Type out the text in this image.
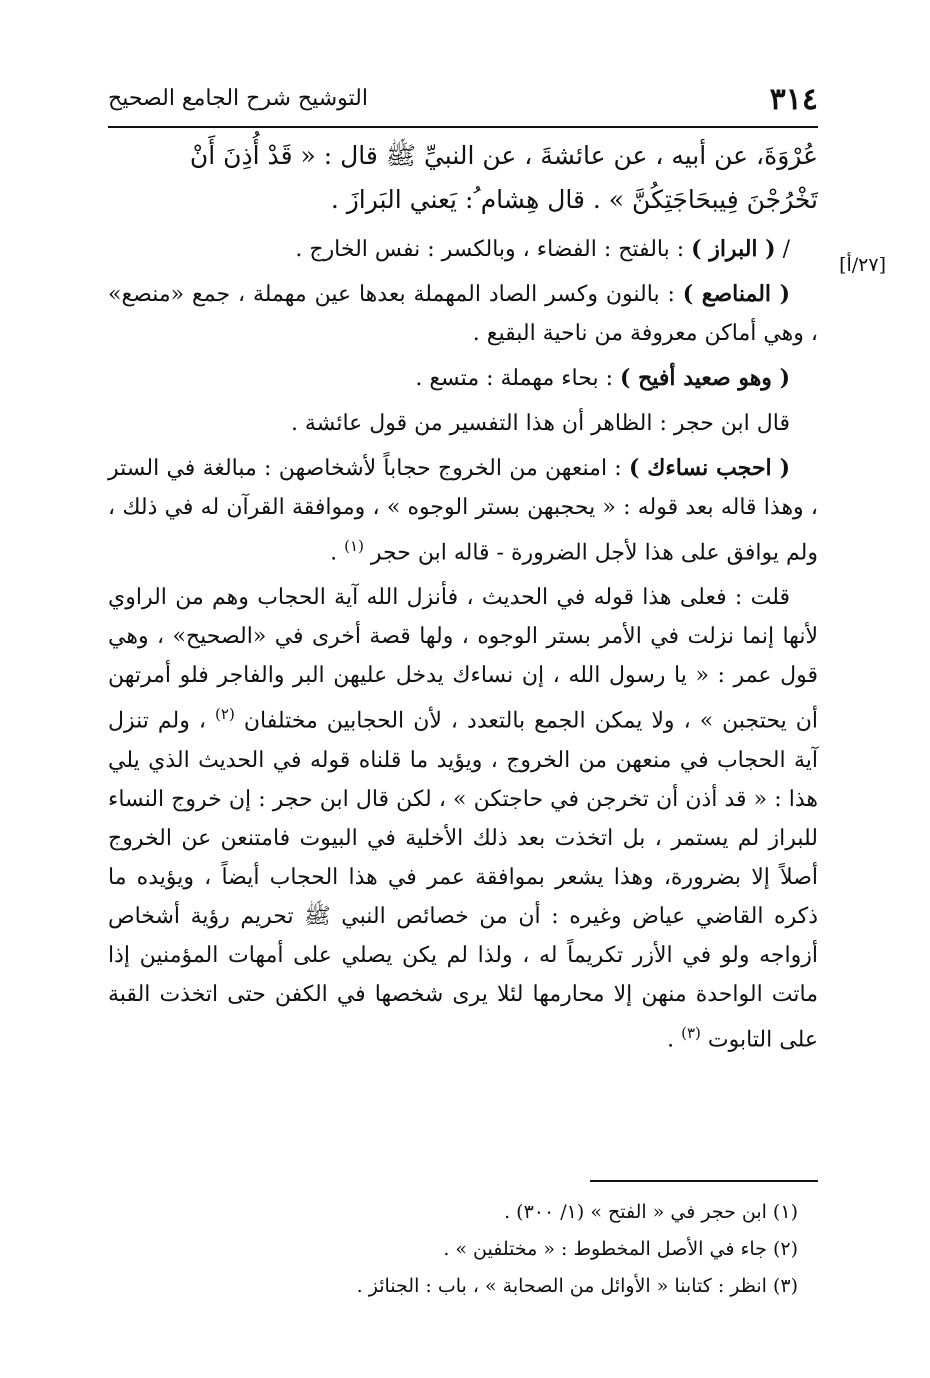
٣١٤
التوشيح شرح الجامع الصحيح
[٢٧/أ]

عُرْوَةَ، عن أبيه ، عن عائشةَ ، عن النبيِّ ﷺ قال : « قَدْ أُذِنَ أَنْ
تَخْرُجْنَ فِيبحَاجَتِكُنَّ » . قال هِشام ُ: يَعني البَرازَ .

/ ( البراز ) : بالفتح : الفضاء ، وبالكسر : نفس الخارج .

( المناصع ) : بالنون وكسر الصاد المهملة بعدها عين مهملة ، جمع «منصع» ، وهي أماكن معروفة من ناحية البقيع .

( وهو صعيد أفيح ) : بحاء مهملة : متسع .

قال ابن حجر : الظاهر أن هذا التفسير من قول عائشة .

( احجب نساءك ) : امنعهن من الخروج حجاباً لأشخاصهن : مبالغة في الستر ، وهذا قاله بعد قوله : « يحجبهن بستر الوجوه » ، وموافقة القرآن له في ذلك ، ولم يوافق على هذا لأجل الضرورة - قاله ابن حجر $^{(١)}$ .

قلت : فعلى هذا قوله في الحديث ، فأنزل الله آية الحجاب وهم من الراوي لأنها إنما نزلت في الأمر بستر الوجوه ، ولها قصة أخرى في «الصحيح» ، وهي قول عمر : « يا رسول الله ، إن نساءك يدخل عليهن البر والفاجر فلو أمرتهن أن يحتجبن » ، ولا يمكن الجمع بالتعدد ، لأن الحجابين مختلفان $^{(٢)}$ ، ولم تنزل آية الحجاب في منعهن من الخروج ، ويؤيد ما قلناه قوله في الحديث الذي يلي هذا : « قد أذن أن تخرجن في حاجتكن » ، لكن قال ابن حجر : إن خروج النساء للبراز لم يستمر ، بل اتخذت بعد ذلك الأخلية في البيوت فامتنعن عن الخروج أصلاً إلا بضرورة، وهذا يشعر بموافقة عمر في هذا الحجاب أيضاً ، ويؤيده ما ذكره القاضي عياض وغيره : أن من خصائص النبي ﷺ تحريم رؤية أشخاص أزواجه ولو في الأزر تكريماً له ، ولذا لم يكن يصلي على أمهات المؤمنين إذا ماتت الواحدة منهن إلا محارمها لئلا يرى شخصها في الكفن حتى اتخذت القبة على التابوت $^{(٣)}$ .

(١) ابن حجر في « الفتح » (١/ ٣٠٠) .

(٢) جاء في الأصل المخطوط : « مختلفين » .

(٣) انظر : كتابنا « الأوائل من الصحابة » ، باب : الجنائز .
